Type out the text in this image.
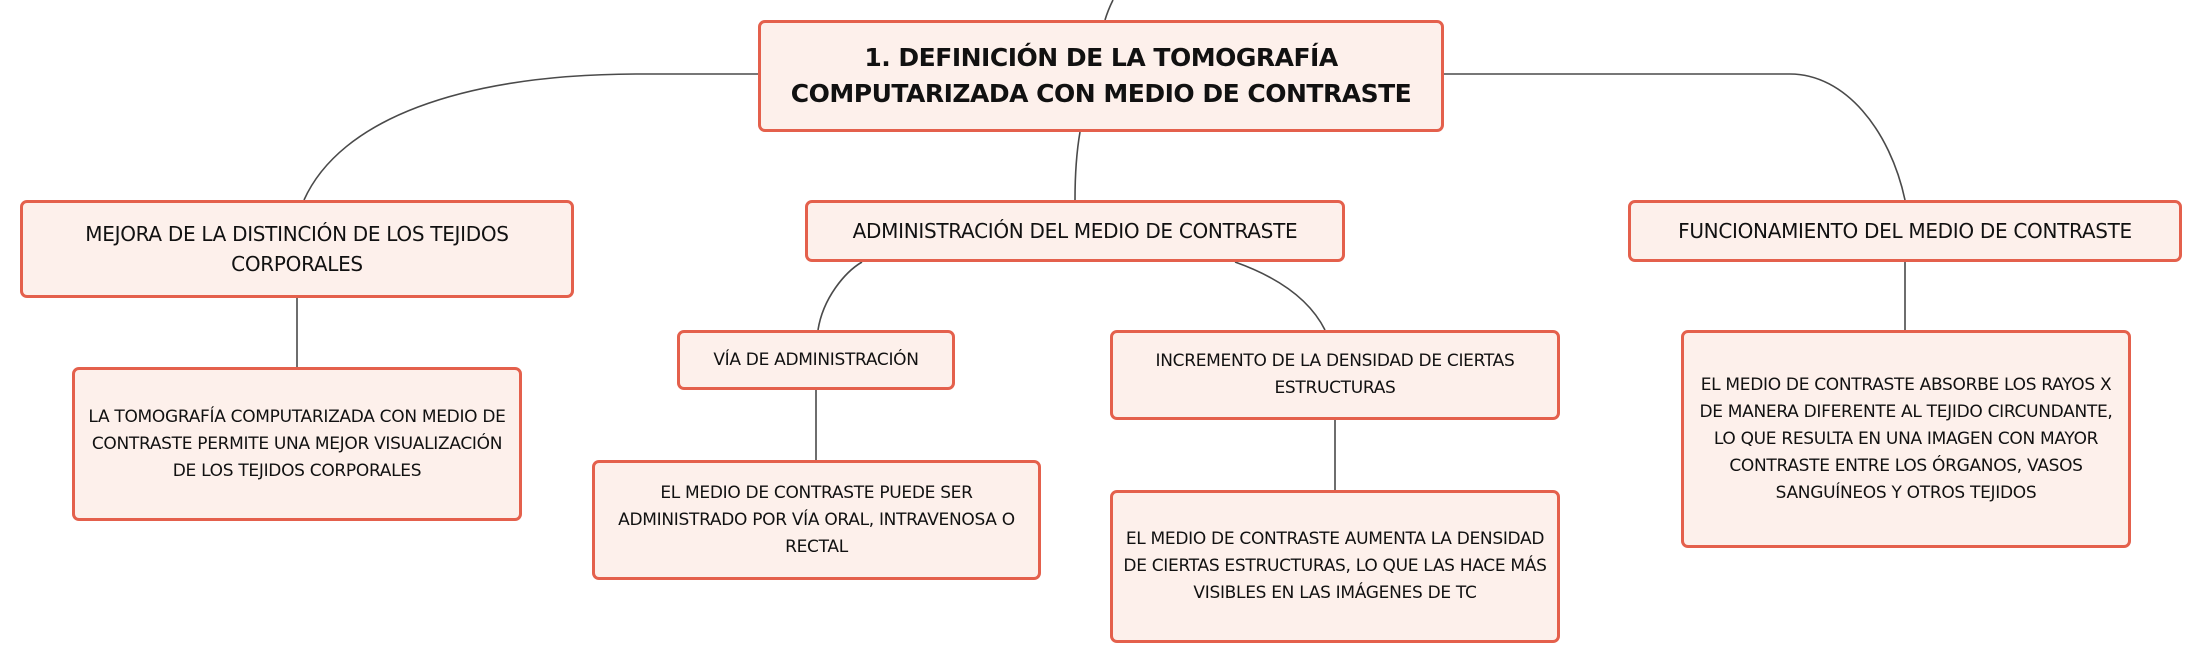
1. DEFINICIÓN DE LA TOMOGRAFÍA COMPUTARIZADA CON MEDIO DE CONTRASTE
MEJORA DE LA DISTINCIÓN DE LOS TEJIDOS CORPORALES
ADMINISTRACIÓN DEL MEDIO DE CONTRASTE	FUNCIONAMIENTO DEL MEDIO DE CONTRASTE
VÍA DE ADMINISTRACIÓN	INCREMENTO DE LA DENSIDAD DE CIERTAS ESTRUCTURAS
LA TOMOGRAFÍA COMPUTARIZADA CON MEDIO DE CONTRASTE PERMITE UNA MEJOR VISUALIZACIÓN DE LOS TEJIDOS CORPORALES
EL MEDIO DE CONTRASTE PUEDE SER ADMINISTRADO POR VÍA ORAL, INTRAVENOSA O RECTAL	EL MEDIO DE CONTRASTE AUMENTA LA DENSIDAD DE CIERTAS ESTRUCTURAS, LO QUE LAS HACE MÁS VISIBLES EN LAS IMÁGENES DE TC
EL MEDIO DE CONTRASTE ABSORBE LOS RAYOS X DE MANERA DIFERENTE AL TEJIDO CIRCUNDANTE, LO QUE RESULTA EN UNA IMAGEN CON MAYOR CONTRASTE ENTRE LOS ÓRGANOS, VASOS SANGUÍNEOS Y OTROS TEJIDOS
